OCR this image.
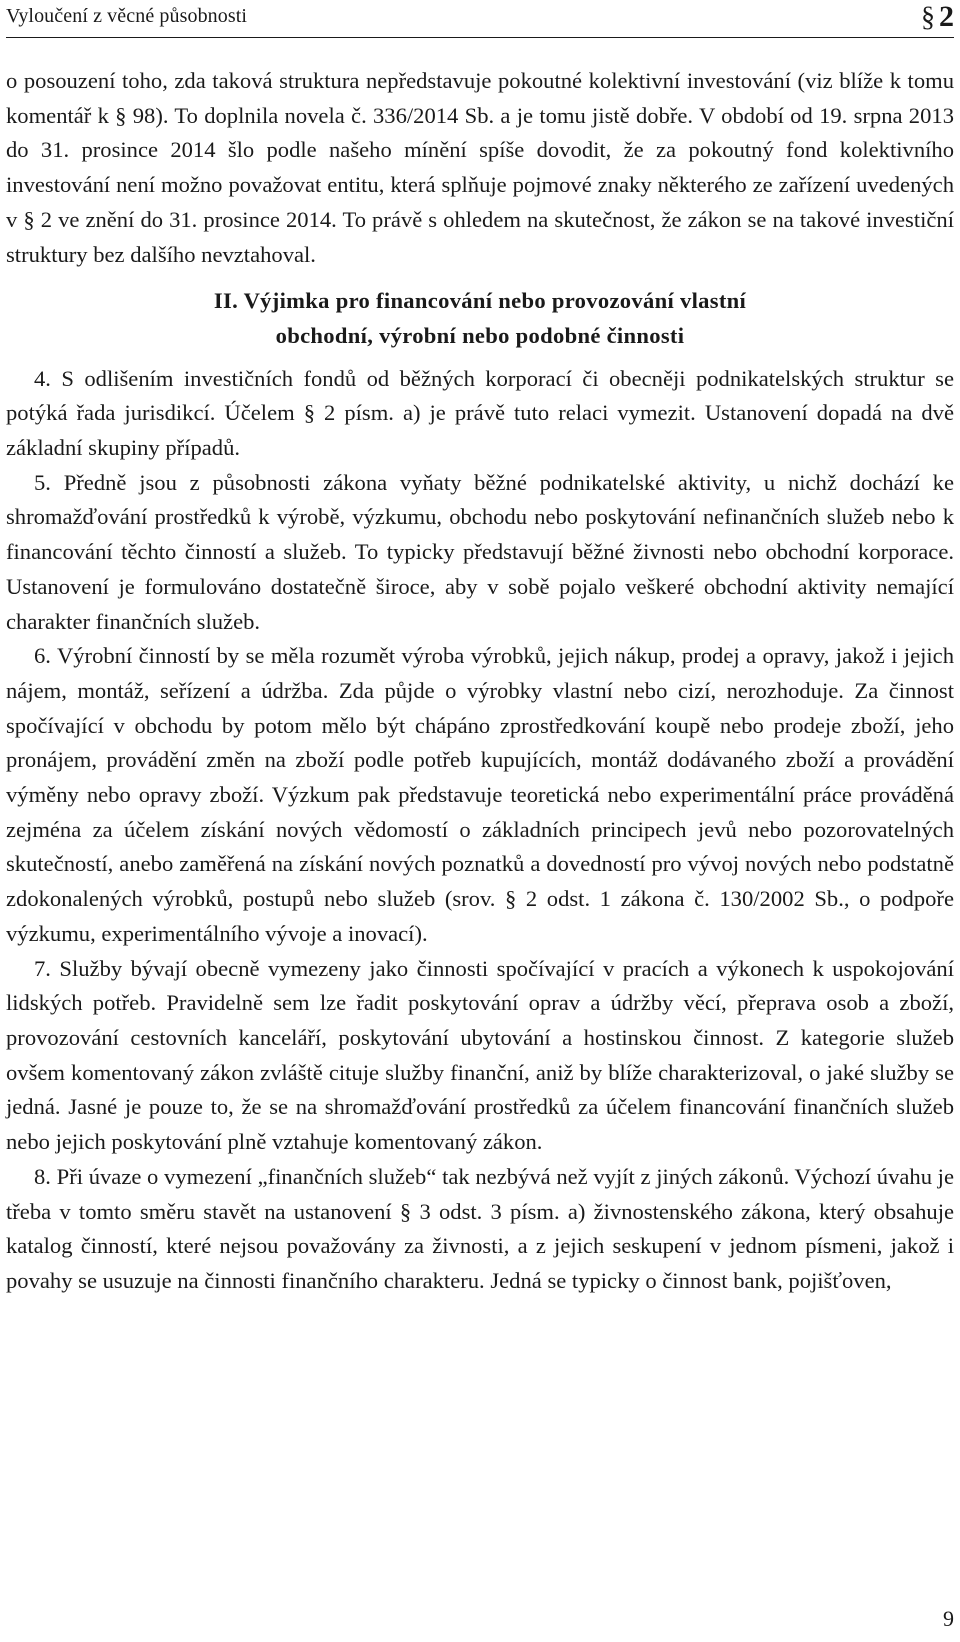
Vyloučení z věcné působnosti	§ 2

o posouzení toho, zda taková struktura nepředstavuje pokoutné kolektivní investování (viz blíže k tomu komentář k § 98). To doplnila novela č. 336/2014 Sb. a je tomu jistě dobře. V období od 19. srpna 2013 do 31. prosince 2014 šlo podle našeho mínění spíše dovodit, že za pokoutný fond kolektivního investování není možno považovat entitu, která splňuje pojmové znaky některého ze zařízení uvedených v § 2 ve znění do 31. prosince 2014. To právě s ohledem na skutečnost, že zákon se na takové investiční struktury bez dalšího nevztahoval.

II. Výjimka pro financování nebo provozování vlastní
obchodní, výrobní nebo podobné činnosti

4. S odlišením investičních fondů od běžných korporací či obecněji podnikatelských struktur se potýká řada jurisdikcí. Účelem § 2 písm. a) je právě tuto relaci vymezit. Ustanovení dopadá na dvě základní skupiny případů.

5. Předně jsou z působnosti zákona vyňaty běžné podnikatelské aktivity, u nichž dochází ke shromažďování prostředků k výrobě, výzkumu, obchodu nebo poskytování nefinančních služeb nebo k financování těchto činností a služeb. To typicky představují běžné živnosti nebo obchodní korporace. Ustanovení je formulováno dostatečně široce, aby v sobě pojalo veškeré obchodní aktivity nemající charakter finančních služeb.

6. Výrobní činností by se měla rozumět výroba výrobků, jejich nákup, prodej a opravy, jakož i jejich nájem, montáž, seřízení a údržba. Zda půjde o výrobky vlastní nebo cizí, nerozhoduje. Za činnost spočívající v obchodu by potom mělo být chápáno zprostředkování koupě nebo prodeje zboží, jeho pronájem, provádění změn na zboží podle potřeb kupujících, montáž dodávaného zboží a provádění výměny nebo opravy zboží. Výzkum pak představuje teoretická nebo experimentální práce prováděná zejména za účelem získání nových vědomostí o základních principech jevů nebo pozorovatelných skutečností, anebo zaměřená na získání nových poznatků a dovedností pro vývoj nových nebo podstatně zdokonalených výrobků, postupů nebo služeb (srov. § 2 odst. 1 zákona č. 130/2002 Sb., o podpoře výzkumu, experimentálního vývoje a inovací).

7. Služby bývají obecně vymezeny jako činnosti spočívající v pracích a výkonech k uspokojování lidských potřeb. Pravidelně sem lze řadit poskytování oprav a údržby věcí, přeprava osob a zboží, provozování cestovních kanceláří, poskytování ubytování a hostinskou činnost. Z kategorie služeb ovšem komentovaný zákon zvláště cituje služby finanční, aniž by blíže charakterizoval, o jaké služby se jedná. Jasné je pouze to, že se na shromažďování prostředků za účelem financování finančních služeb nebo jejich poskytování plně vztahuje komentovaný zákon.

8. Při úvaze o vymezení „finančních služeb“ tak nezbývá než vyjít z jiných zákonů. Výchozí úvahu je třeba v tomto směru stavět na ustanovení § 3 odst. 3 písm. a) živnostenského zákona, který obsahuje katalog činností, které nejsou považovány za živnosti, a z jejich seskupení v jednom písmeni, jakož i povahy se usuzuje na činnosti finančního charakteru. Jedná se typicky o činnost bank, pojišťoven,

9
